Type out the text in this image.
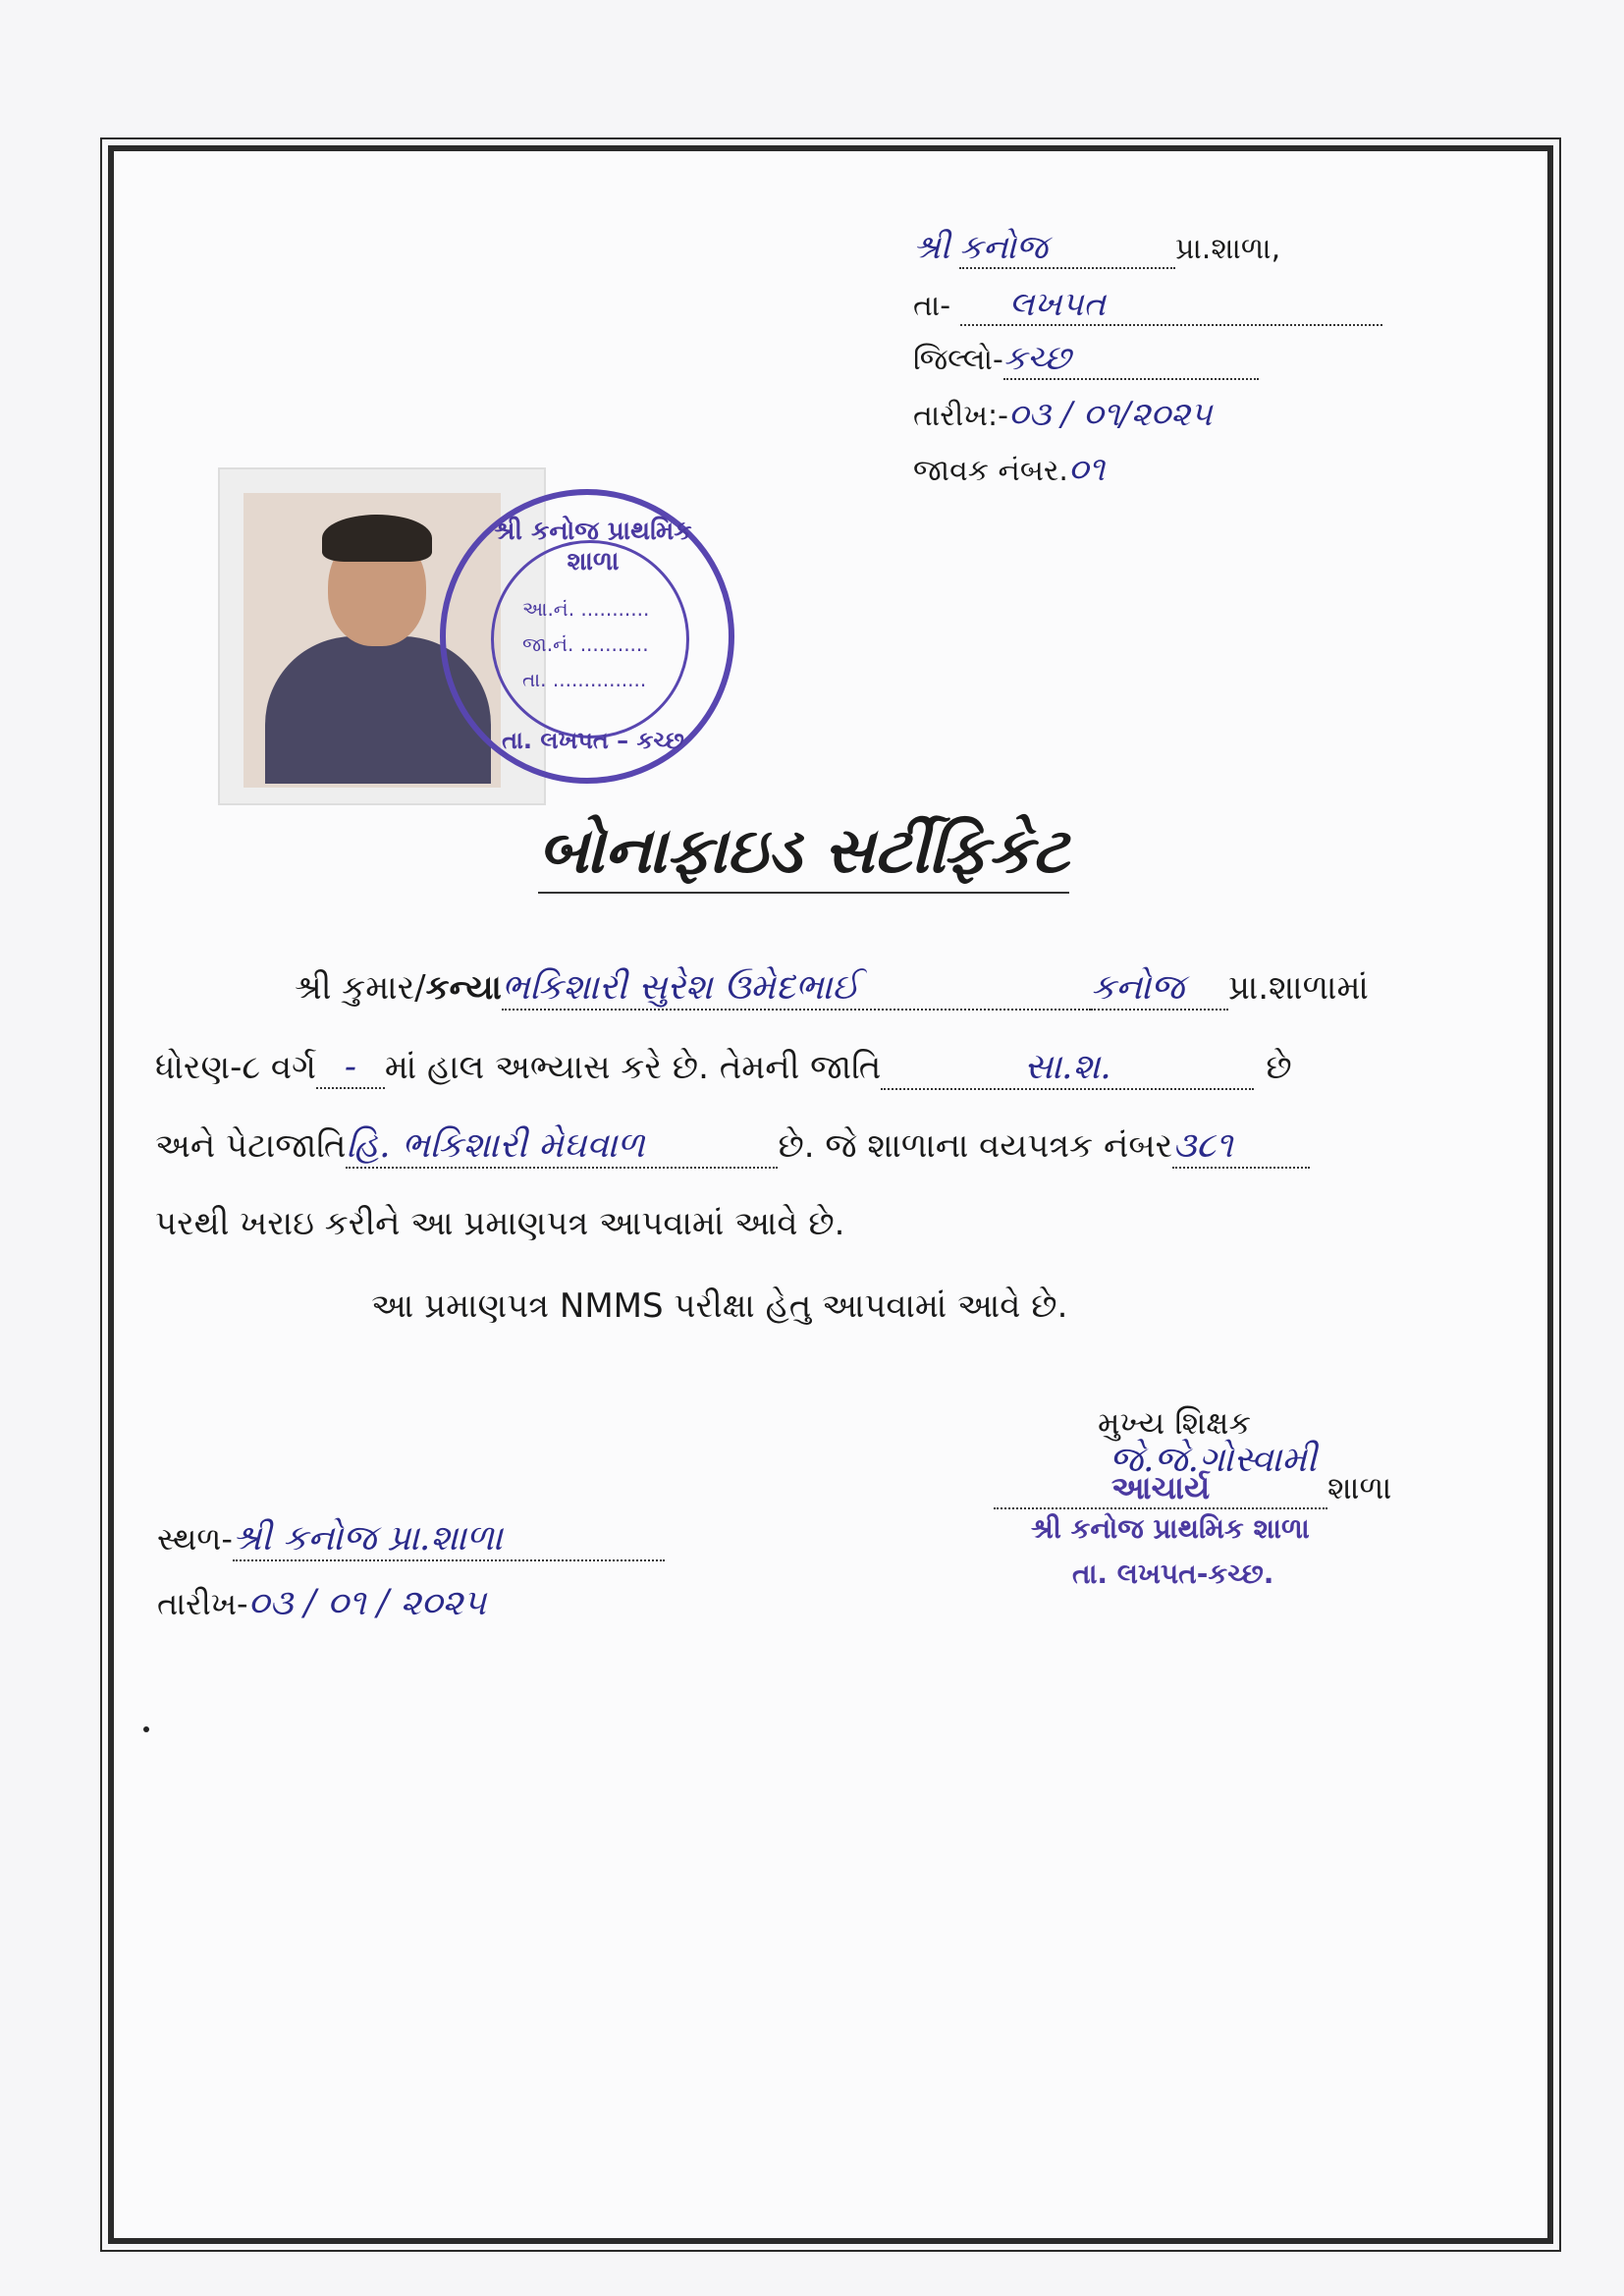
શ્રી કનોજ	પ્રા.શાળા,
તા- લખપત
જિલ્લો-કચ્છ
તારીખ:-૦૩ / ૦૧/૨૦૨૫
જાવક નંબર.૦૧
શ્રી કનોજ પ્રાથમિક શાળા
આ.નં. ...........
જા.નં. ...........
તા. ...............
તા. લખપત – કચ્છ
બોનાફાઇડ સર્ટીફિકેટ
શ્રી કુમાર/કન્યાભકિશારી સુરેશ ઉમેદભાઈ	કનોજ પ્રા.શાળામાં
ધોરણ-૮ વર્ગ - માં હાલ અભ્યાસ કરે છે. તેમની જાતિ	સા.શ.	છે
અને પેટાજાતિહિ. ભકિશારી મેઘવાળ	છે. જે શાળાના વયપત્રક નંબર૩૮૧
પરથી ખરાઇ કરીને આ પ્રમાણપત્ર આપવામાં આવે છે.
આ પ્રમાણપત્ર NMMS પરીક્ષા હેતુ આપવામાં આવે છે.
મુખ્ય શિક્ષક
જે.જે.ગોસ્વામી
આચાર્ય	શાળા
શ્રી કનોજ પ્રાથમિક શાળા
તા. લખપત-કચ્છ.
સ્થળ-શ્રી કનોજ પ્રા.શાળા
તારીખ-૦૩ / ૦૧ / ૨૦૨૫
